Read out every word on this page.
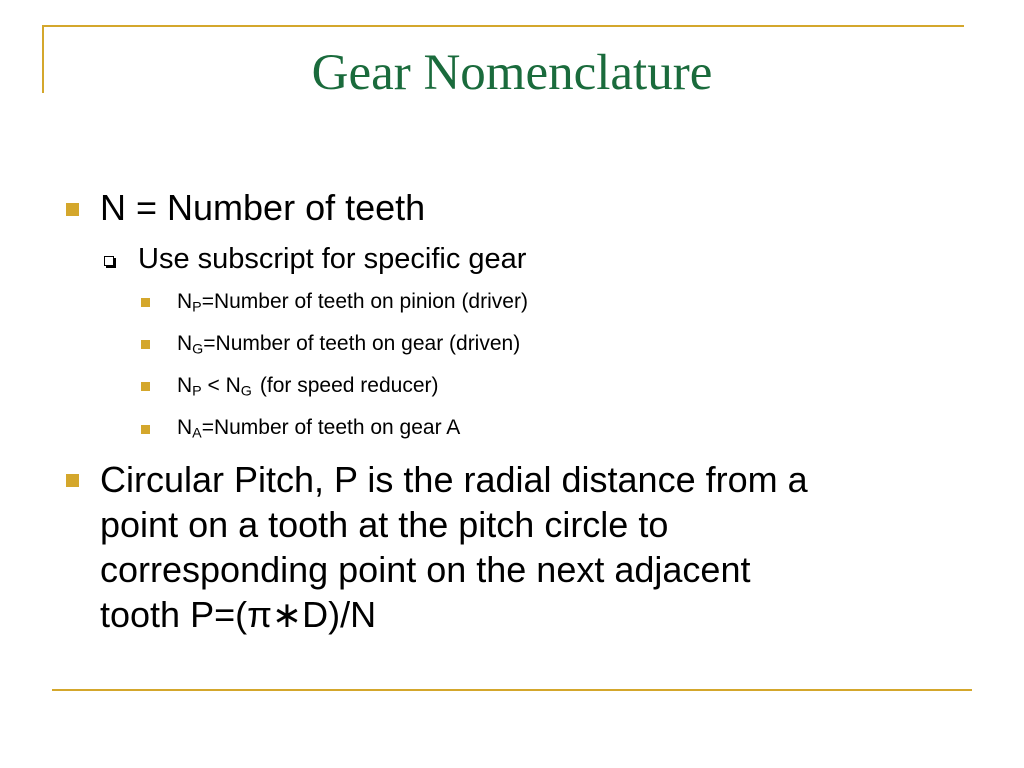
Gear Nomenclature
N = Number of teeth
Use subscript for specific gear
$N_P=Number$ of teeth on pinion (driver)
$N_G=Number$ of teeth on gear (driven)
$N_P < N_G$ (for speed reducer)
$N_A=Number$ of teeth on gear A
Circular Pitch, P is the radial distance from a
point on a tooth at the pitch circle to
corresponding point on the next adjacent
tooth P=(π∗D)/N
